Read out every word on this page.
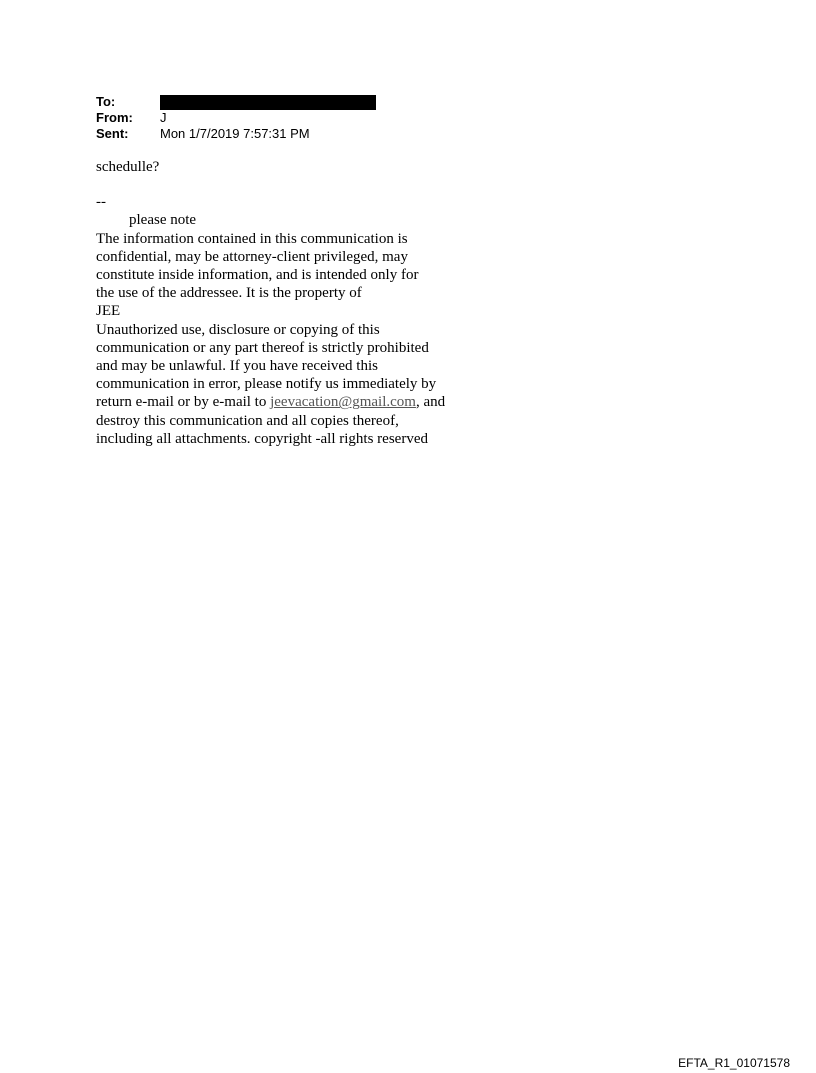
To:
From:	J
Sent:	Mon 1/7/2019 7:57:31 PM

schedulle?

--

please note

The information contained in this communication is

confidential, may be attorney-client privileged, may

constitute inside information, and is intended only for

the use of the addressee. It is the property of

JEE

Unauthorized use, disclosure or copying of this

communication or any part thereof is strictly prohibited

and may be unlawful. If you have received this

communication in error, please notify us immediately by

return e-mail or by e-mail to jeevacation@gmail.com, and

destroy this communication and all copies thereof,

including all attachments. copyright -all rights reserved

EFTA_R1_01071578
